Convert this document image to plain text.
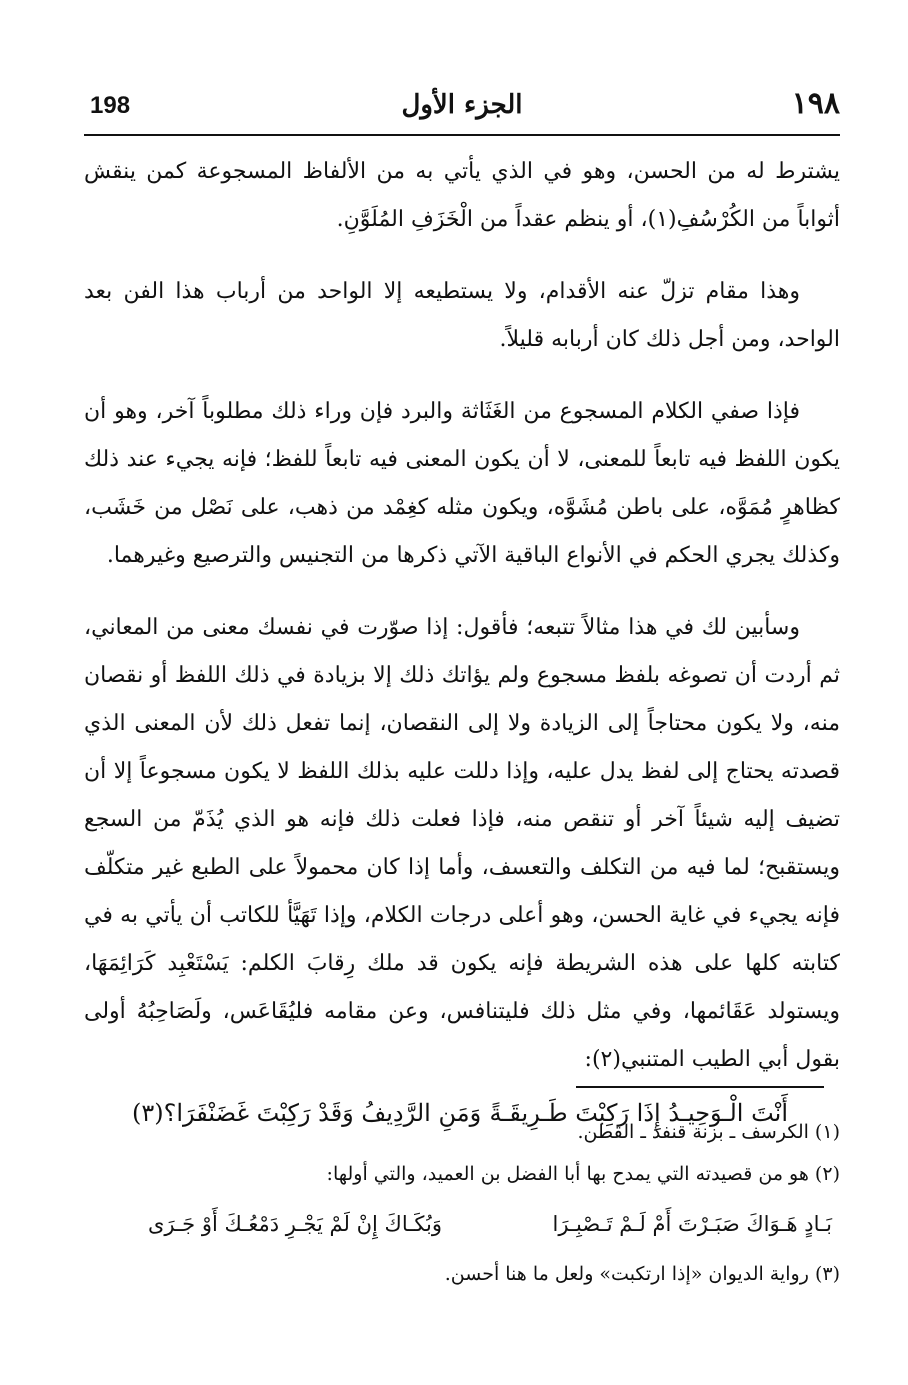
١٩٨
الجزء الأول
198

يشترط له من الحسن، وهو في الذي يأتي به من الألفاظ المسجوعة كمن ينقش أثواباً من الكُرْسُفِ(١)، أو ينظم عقداً من الْخَزَفِ المُلَوَّنِ.

وهذا مقام تزلّ عنه الأقدام، ولا يستطيعه إلا الواحد من أرباب هذا الفن بعد الواحد، ومن أجل ذلك كان أربابه قليلاً.

فإذا صفي الكلام المسجوع من الغَثَاثة والبرد فإن وراء ذلك مطلوباً آخر، وهو أن يكون اللفظ فيه تابعاً للمعنى، لا أن يكون المعنى فيه تابعاً للفظ؛ فإنه يجيء عند ذلك كظاهرٍ مُمَوَّه، على باطن مُشَوَّه، ويكون مثله كغِمْد من ذهب، على نَصْل من خَشَب، وكذلك يجري الحكم في الأنواع الباقية الآتي ذكرها من التجنيس والترصيع وغيرهما.

وسأبين لك في هذا مثالاً تتبعه؛ فأقول: إذا صوّرت في نفسك معنى من المعاني، ثم أردت أن تصوغه بلفظ مسجوع ولم يؤاتك ذلك إلا بزيادة في ذلك اللفظ أو نقصان منه، ولا يكون محتاجاً إلى الزيادة ولا إلى النقصان، إنما تفعل ذلك لأن المعنى الذي قصدته يحتاج إلى لفظ يدل عليه، وإذا دللت عليه بذلك اللفظ لا يكون مسجوعاً إلا أن تضيف إليه شيئاً آخر أو تنقص منه، فإذا فعلت ذلك فإنه هو الذي يُذَمّ من السجع ويستقبح؛ لما فيه من التكلف والتعسف، وأما إذا كان محمولاً على الطبع غير متكلّف فإنه يجيء في غاية الحسن، وهو أعلى درجات الكلام، وإذا تَهَيَّأ للكاتب أن يأتي به في كتابته كلها على هذه الشريطة فإنه يكون قد ملك رِقابَ الكلم: يَسْتَعْبِد كَرَائِمَهَا، ويستولد عَقَائمها، وفي مثل ذلك فليتنافس، وعن مقامه فليُقَاعَس، ولَصَاحِبُهُ أولى بقول أبي الطيب المتنبي(٢):

أَنْتَ الْـوَحِيـدُ إِذَا رَكِبْتَ طَـرِيقَـةً
وَمَنِ الرَّدِيفُ وَقَدْ رَكِبْتَ غَضَنْفَرَا؟(٣)
(١) الكرسف ـ بزنة قنفذ ـ القطن.
(٢) هو من قصيدته التي يمدح بها أبا الفضل بن العميد، والتي أولها:
بَـادٍ هَـوَاكَ صَبَـرْتَ أَمْ لَـمْ تَـصْبِـرَا
وَبُكَـاكَ إِنْ لَمْ يَجْـرِ دَمْعُـكَ أَوْ جَـرَى
(٣) رواية الديوان «إذا ارتكبت» ولعل ما هنا أحسن.
